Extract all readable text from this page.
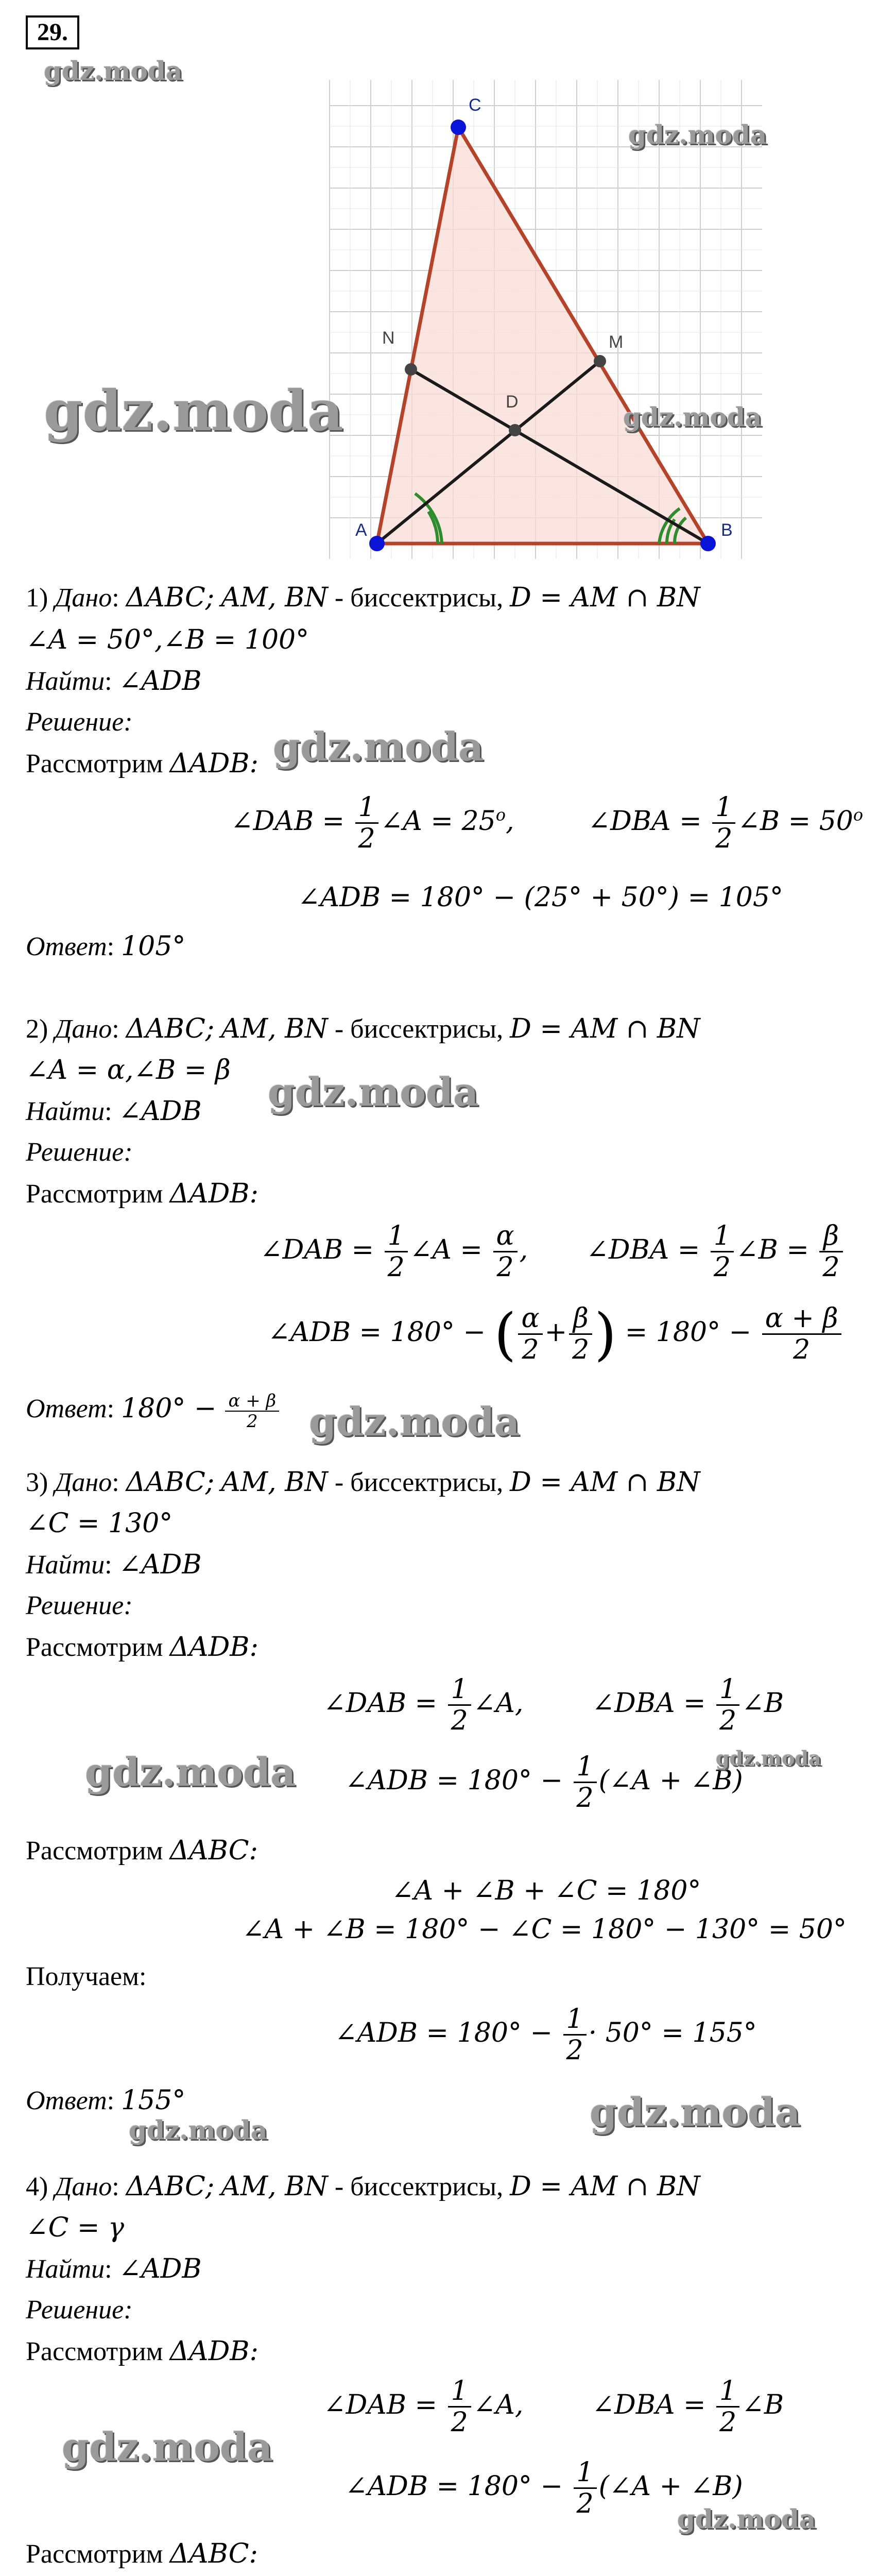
29.
C
A	B
N	M
D
1) Дано: ΔABC; AM, BN - биссектрисы, D = AM ∩ BN
∠A = 50°,∠B = 100°
Найти: ∠ADB
Решение:
Рассмотрим ΔADB:
∠DAB = $\frac{1}{2}$ ∠A = $25^o$,  ∠DBA = $\frac{1}{2}$ ∠B = $50^o$
∠ADB = 180° − (25° + 50°) = 105°
Ответ: 105°
2) Дано: ΔABC; AM, BN - биссектрисы, D = AM ∩ BN
∠A = α,∠B = β
Найти: ∠ADB
Решение:
Рассмотрим ΔADB:
∠DAB = $\frac{1}{2}$ ∠A = $\frac{\alpha}{2}$ ,  ∠DBA = $\frac{1}{2}$ ∠B = $\frac{\beta}{2}$
∠ADB = 180° − ( $\frac{\alpha}{2} + \frac{\beta}{2}$ ) = $180^\circ - \frac{\alpha + \beta}{2}$
Ответ: $180^\circ - \frac{\alpha + \beta}{2}$
3) Дано: ΔABC; AM, BN - биссектрисы, D = AM ∩ BN
∠C = 130°
Найти: ∠ADB
Решение:
Рассмотрим ΔADB:
∠DAB = $\frac{1}{2}$ ∠A,	∠DBA = $\frac{1}{2}$ ∠B
∠ADB = $180^\circ - \frac{1}{2}$ (∠A + ∠B)
Рассмотрим ΔABC:
∠A + ∠B + ∠C = 180°
∠A + ∠B = 180° − ∠C = 180° − 130° = 50°
Получаем:
∠ADB = $180^\circ - \frac{1}{2} \cdot 50^\circ = 155^\circ$
Ответ: 155°
4) Дано: ΔABC; AM, BN - биссектрисы, D = AM ∩ BN
∠C = γ
Найти: ∠ADB
Решение:
Рассмотрим ΔADB:
∠DAB = $\frac{1}{2}$ ∠A,	∠DBA = $\frac{1}{2}$ ∠B
∠ADB = $180^\circ - \frac{1}{2}$ (∠A + ∠B)
Рассмотрим ΔABC:

gdz.moda
gdz.moda
gdz.moda	gdz.moda
gdz.moda
gdz.moda
gdz.moda
gdz.moda	gdz.moda
gdz.moda
gdz.moda
gdz.moda
gdz.moda
